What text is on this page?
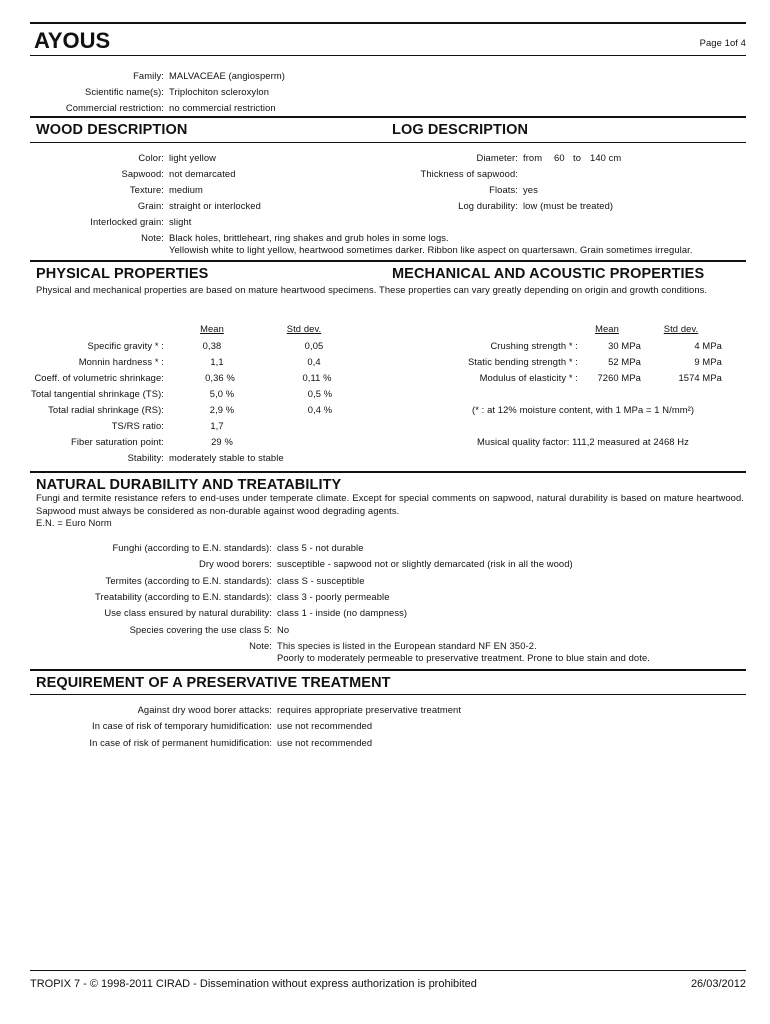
AYOUS	Page 1of 4
Family: MALVACEAE (angiosperm)
Scientific name(s): Triplochiton scleroxylon
Commercial restriction: no commercial restriction
WOOD DESCRIPTION	LOG DESCRIPTION
Color: light yellow
Sapwood: not demarcated
Texture: medium
Grain: straight or interlocked
Interlocked grain: slight
Note: Black holes, brittleheart, ring shakes and grub holes in some logs.
Yellowish white to light yellow, heartwood sometimes darker. Ribbon like aspect on quartersawn. Grain sometimes irregular.
Diameter: from 60 to 140 cm
Thickness of sapwood:
Floats: yes
Log durability: low (must be treated)
PHYSICAL PROPERTIES	MECHANICAL AND ACOUSTIC PROPERTIES
Physical and mechanical properties are based on mature heartwood specimens. These properties can vary greatly depending on origin and growth conditions.
Mean	Std dev.
Specific gravity * :	0,38	0,05
Monnin hardness * :	1,1	0,4
Coeff. of volumetric shrinkage:	0,36 %	0,11 %
Total tangential shrinkage (TS):	5,0 %	0,5 %
Total radial shrinkage (RS):	2,9 %	0,4 %
TS/RS ratio:	1,7
Fiber saturation point:	29 %
Stability: moderately stable to stable
Mean	Std dev.
Crushing strength * :	30 MPa	4 MPa
Static bending strength * :	52 MPa	9 MPa
Modulus of elasticity * : 7260 MPa	1574 MPa
(* : at 12% moisture content, with 1 MPa = 1 N/mm²)
Musical quality factor: 111,2 measured at 2468 Hz
NATURAL DURABILITY AND TREATABILITY
Fungi and termite resistance refers to end-uses under temperate climate. Except for special comments on sapwood, natural durability is based on mature heartwood. Sapwood must always be considered as non-durable against wood degrading agents.
E.N. = Euro Norm
Funghi (according to E.N. standards): class 5 - not durable
Dry wood borers: susceptible - sapwood not or slightly demarcated (risk in all the wood)
Termites (according to E.N. standards): class S - susceptible
Treatability (according to E.N. standards): class 3 - poorly permeable
Use class ensured by natural durability: class 1 - inside (no dampness)
Species covering the use class 5: No
Note: This species is listed in the European standard NF EN 350-2.
Poorly to moderately permeable to preservative treatment. Prone to blue stain and dote.
REQUIREMENT OF A PRESERVATIVE TREATMENT
Against dry wood borer attacks: requires appropriate preservative treatment
In case of risk of temporary humidification: use not recommended
In case of risk of permanent humidification: use not recommended
TROPIX 7 - © 1998-2011 CIRAD - Dissemination without express authorization is prohibited	26/03/2012
